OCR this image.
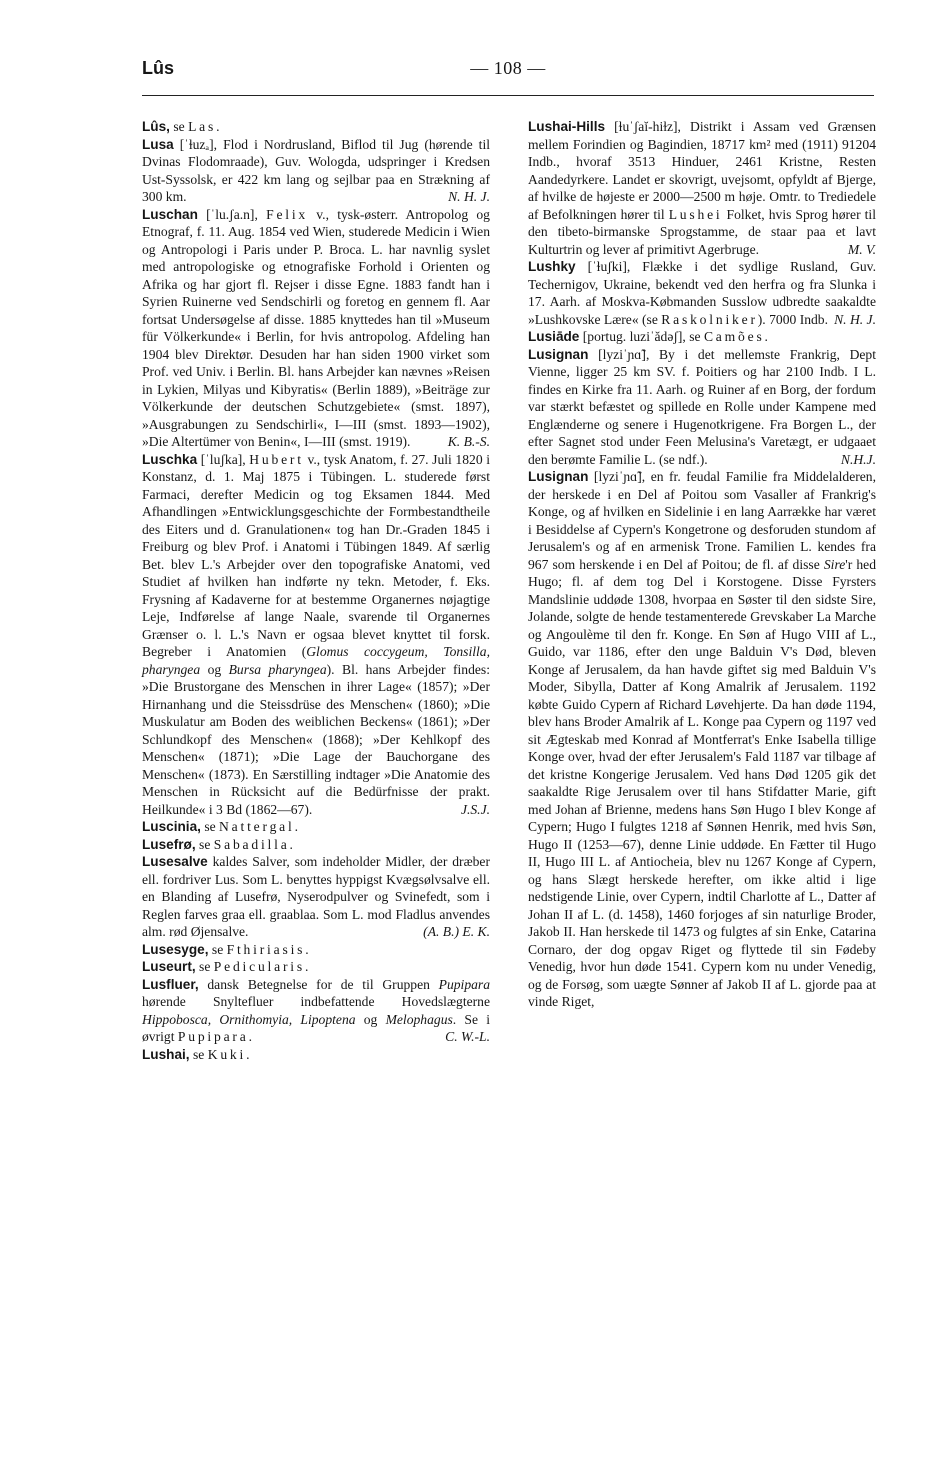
Lûs	— 108 —

Lûs, se Las.

Lusa [ˈɫuzₐ], Flod i Nordrusland, Biflod til Jug (hørende til Dvinas Flodomraade), Guv. Wologda, udspringer i Kredsen Ust-Syssolsk, er 422 km lang og sejlbar paa en Strækning af 300 km.	N. H. J.

Luschan [ˈlu.ʃa.n], Felix v., tysk-østerr. Antropolog og Etnograf, f. 11. Aug. 1854 ved Wien, studerede Medicin i Wien og Antropologi i Paris under P. Broca. L. har navnlig syslet med antropologiske og etnografiske Forhold i Orienten og Afrika og har gjort fl. Rejser i disse Egne. 1883 fandt han i Syrien Ruinerne ved Sendschirli og foretog en gennem fl. Aar fortsat Undersøgelse af disse. 1885 knyttedes han til »Museum für Völkerkunde« i Berlin, for hvis antropolog. Afdeling han 1904 blev Direktør. Desuden har han siden 1900 virket som Prof. ved Univ. i Berlin. Bl. hans Arbejder kan nævnes »Reisen in Lykien, Milyas und Kibyratis« (Berlin 1889), »Beiträge zur Völkerkunde der deutschen Schutzgebiete« (smst. 1897), »Ausgrabungen zu Sendschirli«, I—III (smst. 1893—1902), »Die Altertümer von Benin«, I—III (smst. 1919).	K. B.-S.

Luschka [ˈluʃka], Hubert v., tysk Anatom, f. 27. Juli 1820 i Konstanz, d. 1. Maj 1875 i Tübingen. L. studerede først Farmaci, derefter Medicin og tog Eksamen 1844. Med Afhandlingen »Entwicklungsgeschichte der Formbestandtheile des Eiters und d. Granulationen« tog han Dr.-Graden 1845 i Freiburg og blev Prof. i Anatomi i Tübingen 1849. Af særlig Bet. blev L.'s Arbejder over den topografiske Anatomi, ved Studiet af hvilken han indførte ny tekn. Metoder, f. Eks. Frysning af Kadaverne for at bestemme Organernes nøjagtige Leje, Indførelse af lange Naale, svarende til Organernes Grænser o. l. L.'s Navn er ogsaa blevet knyttet til forsk. Begreber i Anatomien (Glomus coccygeum, Tonsilla, pharyngea og Bursa pharyngea). Bl. hans Arbejder findes: »Die Brustorgane des Menschen in ihrer Lage« (1857); »Der Hirnanhang und die Steissdrüse des Menschen« (1860); »Die Muskulatur am Boden des weiblichen Beckens« (1861); »Der Schlundkopf des Menschen« (1868); »Der Kehlkopf des Menschen« (1871); »Die Lage der Bauchorgane des Menschen« (1873). En Særstilling indtager »Die Anatomie des Menschen in Rücksicht auf die Bedürfnisse der prakt. Heilkunde« i 3 Bd (1862—67).	J.S.J.

Luscinia, se Nattergal.

Lusefrø, se Sabadilla.

Lusesalve kaldes Salver, som indeholder Midler, der dræber ell. fordriver Lus. Som L. benyttes hyppigst Kvægsølvsalve ell. en Blanding af Lusefrø, Nyserodpulver og Svinefedt, som i Reglen farves graa ell. graablaa. Som L. mod Fladlus anvendes alm. rød Øjensalve.	(A. B.) E. K.

Lusesyge, se Fthiriasis.

Luseurt, se Pedicularis.

Lusfluer, dansk Betegnelse for de til Gruppen Pupipara hørende Snyltefluer indbefattende Hovedslægterne Hippobosca, Ornithomyia, Lipoptena og Melophagus. Se i øvrigt Pupipara.	C. W.-L.

Lushai, se Kuki.

Lushai-Hills [ɫuˈʃaĭ-hiɫz], Distrikt i Assam ved Grænsen mellem Forindien og Bagindien, 18717 km² med (1911) 91204 Indb., hvoraf 3513 Hinduer, 2461 Kristne, Resten Aandedyrkere. Landet er skovrigt, uvejsomt, opfyldt af Bjerge, af hvilke de højeste er 2000—2500 m høje. Omtr. to Trediedele af Befolkningen hører til Lushei Folket, hvis Sprog hører til den tibeto-birmanske Sprogstamme, de staar paa et lavt Kulturtrin og lever af primitivt Agerbruge.	M. V.

Lushky [ˈɫuʃki], Flække i det sydlige Rusland, Guv. Techernigov, Ukraine, bekendt ved den herfra og fra Slunka i 17. Aarh. af Moskva-Købmanden Susslow udbredte saakaldte »Lushkovske Lære« (se Raskolniker). 7000 Indb. N. H. J.

Lusiāde [portug. luziˈădəʃ], se Camões.

Lusignan [lyziˈɲɑ̃], By i det mellemste Frankrig, Dept Vienne, ligger 25 km SV. f. Poitiers og har 2100 Indb. I L. findes en Kirke fra 11. Aarh. og Ruiner af en Borg, der fordum var stærkt befæstet og spillede en Rolle under Kampene med Englænderne og senere i Hugenotkrigene. Fra Borgen L., der efter Sagnet stod under Feen Melusina's Varetægt, er udgaaet den berømte Familie L. (se ndf.).	N.H.J.

Lusignan [lyziˈɲɑ̃], en fr. feudal Familie fra Middelalderen, der herskede i en Del af Poitou som Vasaller af Frankrig's Konge, og af hvilken en Sidelinie i en lang Aarrække har været i Besiddelse af Cypern's Kongetrone og desforuden stundom af Jerusalem's og af en armenisk Trone. Familien L. kendes fra 967 som herskende i en Del af Poitou; de fl. af disse Sire'r hed Hugo; fl. af dem tog Del i Korstogene. Disse Fyrsters Mandslinie uddøde 1308, hvorpaa en Søster til den sidste Sire, Jolande, solgte de hende testamenterede Grevskaber La Marche og Angoulème til den fr. Konge. En Søn af Hugo VIII af L., Guido, var 1186, efter den unge Balduin V's Død, bleven Konge af Jerusalem, da han havde giftet sig med Balduin V's Moder, Sibylla, Datter af Kong Amalrik af Jerusalem. 1192 købte Guido Cypern af Richard Løvehjerte. Da han døde 1194, blev hans Broder Amalrik af L. Konge paa Cypern og 1197 ved sit Ægteskab med Konrad af Montferrat's Enke Isabella tillige Konge over, hvad der efter Jerusalem's Fald 1187 var tilbage af det kristne Kongerige Jerusalem. Ved hans Død 1205 gik det saakaldte Rige Jerusalem over til hans Stifdatter Marie, gift med Johan af Brienne, medens hans Søn Hugo I blev Konge af Cypern; Hugo I fulgtes 1218 af Sønnen Henrik, med hvis Søn, Hugo II (1253—67), denne Linie uddøde. En Fætter til Hugo II, Hugo III L. af Antiocheia, blev nu 1267 Konge af Cypern, og hans Slægt herskede herefter, om ikke altid i lige nedstigende Linie, over Cypern, indtil Charlotte af L., Datter af Johan II af L. (d. 1458), 1460 forjoges af sin naturlige Broder, Jakob II. Han herskede til 1473 og fulgtes af sin Enke, Catarina Cornaro, der dog opgav Riget og flyttede til sin Fødeby Venedig, hvor hun døde 1541. Cypern kom nu under Venedig, og de Forsøg, som uægte Sønner af Jakob II af L. gjorde paa at vinde Riget,
